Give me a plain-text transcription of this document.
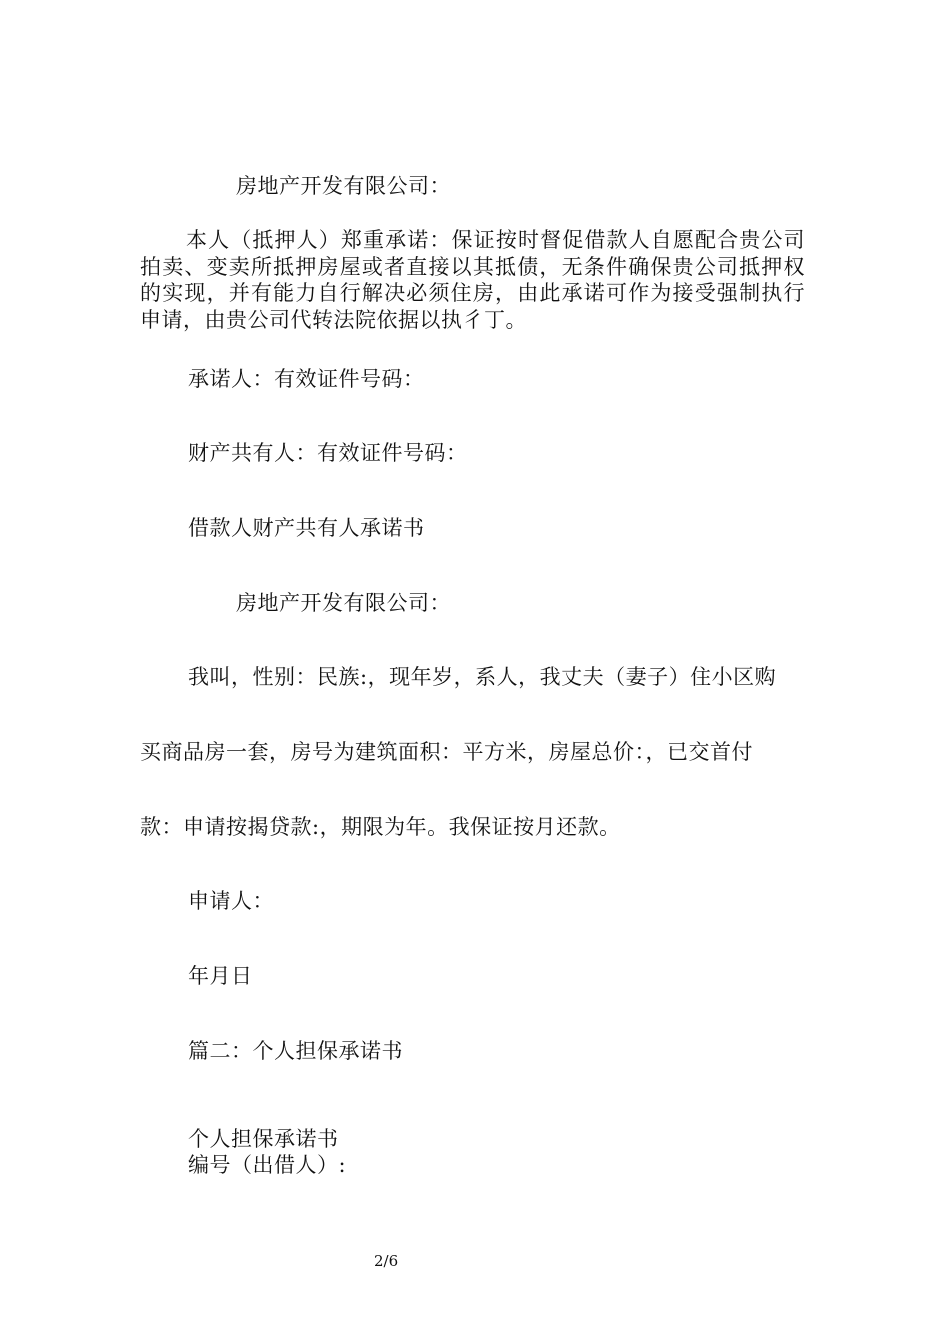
房地产开发有限公司：
本人（抵押人）郑重承诺：保证按时督促借款人自愿配合贵公司拍卖、变卖所抵押房屋或者直接以其抵债，无条件确保贵公司抵押权的实现，并有能力自行解决必须住房，由此承诺可作为接受强制执行申请，由贵公司代转法院依据以执彳丁。
承诺人：有效证件号码：
财产共有人：有效证件号码：
借款人财产共有人承诺书
房地产开发有限公司：
我叫，性别：民族:，现年岁，系人，我丈夫（妻子）住小区购
买商品房一套，房号为建筑面积：平方米，房屋总价：，已交首付
款：申请按揭贷款:，期限为年。我保证按月还款。
申请人：
年月日
篇二：个人担保承诺书
个人担保承诺书
编号（出借人）:
2/6
